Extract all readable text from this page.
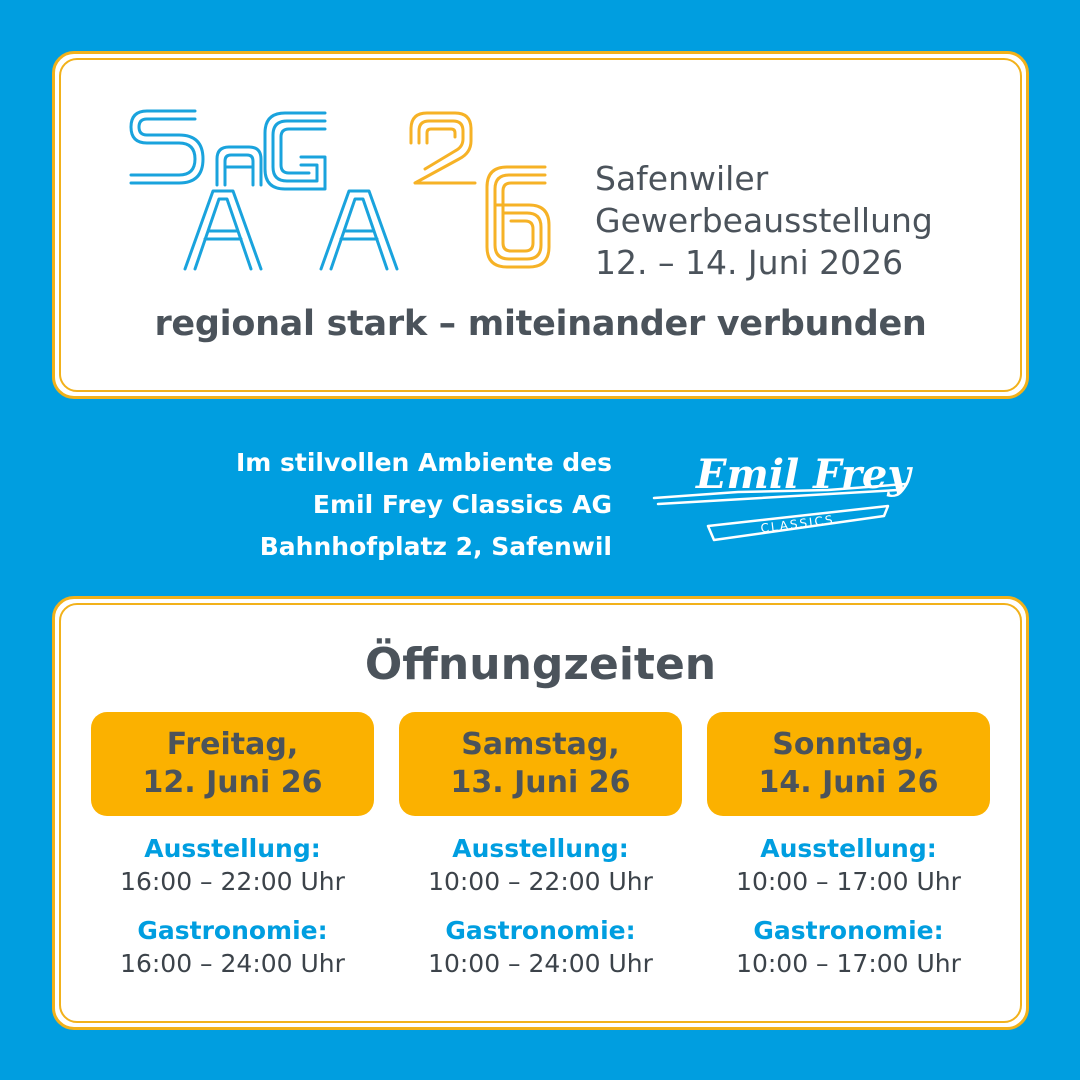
Safenwiler
Gewerbeausstellung
12. – 14. Juni 2026
regional stark – miteinander verbunden
Im stilvollen Ambiente des
Emil Frey Classics AG
Bahnhofplatz 2, Safenwil
Emil Frey
CLASSICS
Öffnungzeiten
Freitag,
12. Juni 26
Ausstellung:
16:00 – 22:00 Uhr
Gastronomie:
16:00 – 24:00 Uhr
Samstag,
13. Juni 26
Ausstellung:
10:00 – 22:00 Uhr
Gastronomie:
10:00 – 24:00 Uhr
Sonntag,
14. Juni 26
Ausstellung:
10:00 – 17:00 Uhr
Gastronomie:
10:00 – 17:00 Uhr
